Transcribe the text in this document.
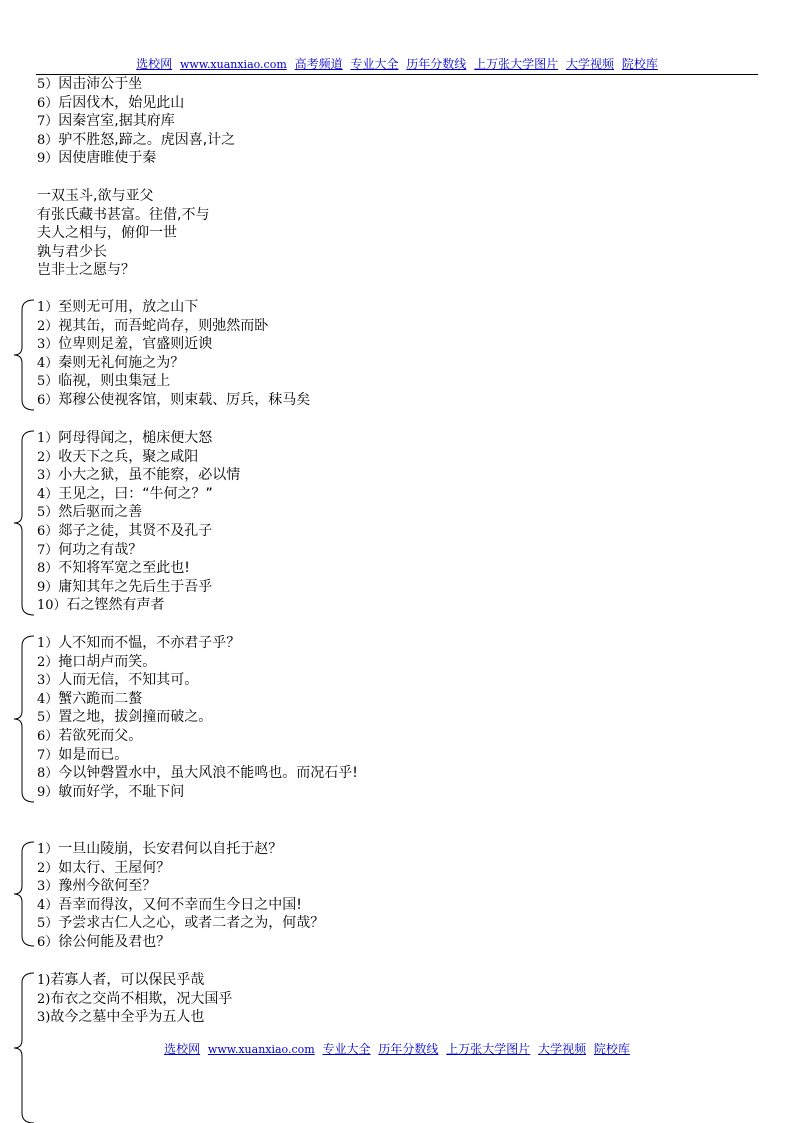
选校网 www.xuanxiao.com 高考频道 专业大全 历年分数线 上万张大学图片 大学视频 院校库
5）因击沛公于坐
6）后因伐木，始见此山
7）因秦宫室,据其府库
8）驴不胜怒,蹄之。虎因喜,计之
9）因使唐睢使于秦
一双玉斗,欲与亚父
有张氏藏书甚富。往借,不与
夫人之相与，俯仰一世
孰与君少长
岂非士之愿与？
1）至则无可用，放之山下
2）视其缶，而吾蛇尚存，则弛然而卧
3）位卑则足羞，官盛则近谀
4）秦则无礼何施之为？
5）临视，则虫集冠上
6）郑穆公使视客馆，则束载、厉兵，秣马矣
1）阿母得闻之，槌床便大怒
2）收天下之兵，聚之咸阳
3）小大之狱，虽不能察，必以情
4）王见之，曰：“牛何之？”
5）然后驱而之善
6）郯子之徒，其贤不及孔子
7）何功之有哉？
8）不知将军宽之至此也!
9）庸知其年之先后生于吾乎
10）石之铿然有声者
1）人不知而不愠，不亦君子乎？
2）掩口胡卢而笑。
3）人而无信，不知其可。
4）蟹六跪而二螯
5）置之地，拔剑撞而破之。
6）若欲死而父。
7）如是而已。
8）今以钟磬置水中，虽大风浪不能鸣也。而况石乎!
9）敏而好学，不耻下问
1）一旦山陵崩，长安君何以自托于赵？
2）如太行、王屋何？
3）豫州今欲何至？
4）吾幸而得汝，又何不幸而生今日之中国!
5）予尝求古仁人之心，或者二者之为，何哉？
6）徐公何能及君也？
1)若寡人者，可以保民乎哉
2)布衣之交尚不相欺，况大国乎
3)故今之墓中全乎为五人也
选校网 www.xuanxiao.com 专业大全 历年分数线 上万张大学图片 大学视频 院校库
